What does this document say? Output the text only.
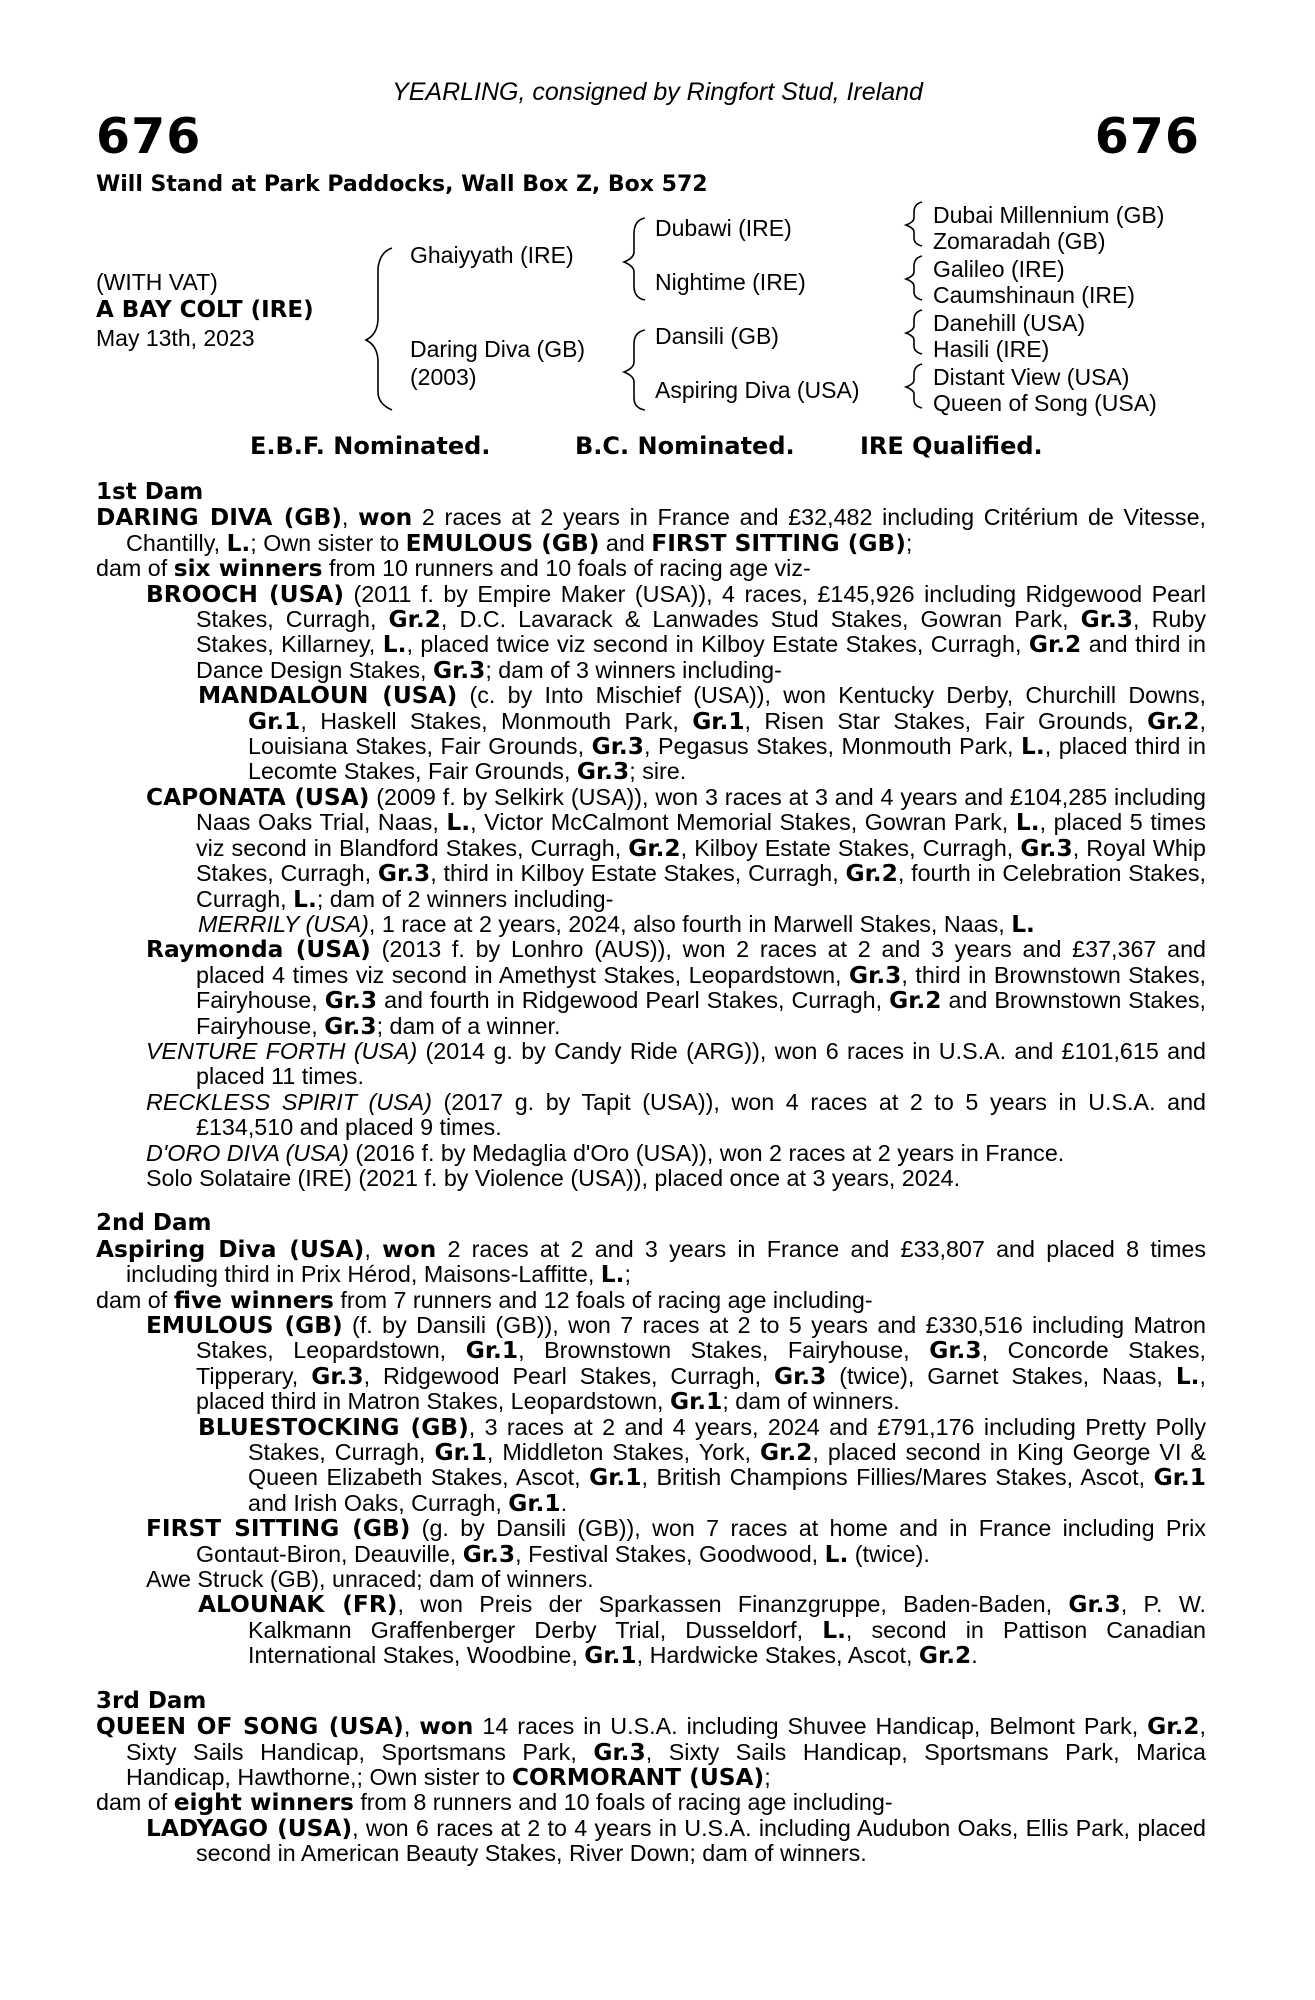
YEARLING, consigned by Ringfort Stud, Ireland
676	676
Will Stand at Park Paddocks, Wall Box Z, Box 572
(WITH VAT)
A BAY COLT (IRE)
May 13th, 2023
Ghaiyyath (IRE)
Daring Diva (GB)
(2003)
Dubawi (IRE)
Nightime (IRE)
Dansili (GB)
Aspiring Diva (USA)
Dubai Millennium (GB)
Zomaradah (GB)
Galileo (IRE)
Caumshinaun (IRE)
Danehill (USA)
Hasili (IRE)
Distant View (USA)
Queen of Song (USA)
E.B.F. Nominated.	B.C. Nominated.	IRE Qualified.
1st Dam
DARING DIVA (GB), won 2 races at 2 years in France and £32,482 including Critérium de Vitesse, Chantilly, L.; Own sister to EMULOUS (GB) and FIRST SITTING (GB);
dam of six winners from 10 runners and 10 foals of racing age viz-
BROOCH (USA) (2011 f. by Empire Maker (USA)), 4 races, £145,926 including Ridgewood Pearl Stakes, Curragh, Gr.2, D.C. Lavarack & Lanwades Stud Stakes, Gowran Park, Gr.3, Ruby Stakes, Killarney, L., placed twice viz second in Kilboy Estate Stakes, Curragh, Gr.2 and third in Dance Design Stakes, Gr.3; dam of 3 winners including-
MANDALOUN (USA) (c. by Into Mischief (USA)), won Kentucky Derby, Churchill Downs, Gr.1, Haskell Stakes, Monmouth Park, Gr.1, Risen Star Stakes, Fair Grounds, Gr.2, Louisiana Stakes, Fair Grounds, Gr.3, Pegasus Stakes, Monmouth Park, L., placed third in Lecomte Stakes, Fair Grounds, Gr.3; sire.
CAPONATA (USA) (2009 f. by Selkirk (USA)), won 3 races at 3 and 4 years and £104,285 including Naas Oaks Trial, Naas, L., Victor McCalmont Memorial Stakes, Gowran Park, L., placed 5 times viz second in Blandford Stakes, Curragh, Gr.2, Kilboy Estate Stakes, Curragh, Gr.3, Royal Whip Stakes, Curragh, Gr.3, third in Kilboy Estate Stakes, Curragh, Gr.2, fourth in Celebration Stakes, Curragh, L.; dam of 2 winners including-
MERRILY (USA), 1 race at 2 years, 2024, also fourth in Marwell Stakes, Naas, L.
Raymonda (USA) (2013 f. by Lonhro (AUS)), won 2 races at 2 and 3 years and £37,367 and placed 4 times viz second in Amethyst Stakes, Leopardstown, Gr.3, third in Brownstown Stakes, Fairyhouse, Gr.3 and fourth in Ridgewood Pearl Stakes, Curragh, Gr.2 and Brownstown Stakes, Fairyhouse, Gr.3; dam of a winner.
VENTURE FORTH (USA) (2014 g. by Candy Ride (ARG)), won 6 races in U.S.A. and £101,615 and placed 11 times.
RECKLESS SPIRIT (USA) (2017 g. by Tapit (USA)), won 4 races at 2 to 5 years in U.S.A. and £134,510 and placed 9 times.
D'ORO DIVA (USA) (2016 f. by Medaglia d'Oro (USA)), won 2 races at 2 years in France.
Solo Solataire (IRE) (2021 f. by Violence (USA)), placed once at 3 years, 2024.
2nd Dam
Aspiring Diva (USA), won 2 races at 2 and 3 years in France and £33,807 and placed 8 times including third in Prix Hérod, Maisons-Laffitte, L.;
dam of five winners from 7 runners and 12 foals of racing age including-
EMULOUS (GB) (f. by Dansili (GB)), won 7 races at 2 to 5 years and £330,516 including Matron Stakes, Leopardstown, Gr.1, Brownstown Stakes, Fairyhouse, Gr.3, Concorde Stakes, Tipperary, Gr.3, Ridgewood Pearl Stakes, Curragh, Gr.3 (twice), Garnet Stakes, Naas, L., placed third in Matron Stakes, Leopardstown, Gr.1; dam of winners.
BLUESTOCKING (GB), 3 races at 2 and 4 years, 2024 and £791,176 including Pretty Polly Stakes, Curragh, Gr.1, Middleton Stakes, York, Gr.2, placed second in King George VI & Queen Elizabeth Stakes, Ascot, Gr.1, British Champions Fillies/Mares Stakes, Ascot, Gr.1 and Irish Oaks, Curragh, Gr.1.
FIRST SITTING (GB) (g. by Dansili (GB)), won 7 races at home and in France including Prix Gontaut-Biron, Deauville, Gr.3, Festival Stakes, Goodwood, L. (twice).
Awe Struck (GB), unraced; dam of winners.
ALOUNAK (FR), won Preis der Sparkassen Finanzgruppe, Baden-Baden, Gr.3, P. W. Kalkmann Graffenberger Derby Trial, Dusseldorf, L., second in Pattison Canadian International Stakes, Woodbine, Gr.1, Hardwicke Stakes, Ascot, Gr.2.
3rd Dam
QUEEN OF SONG (USA), won 14 races in U.S.A. including Shuvee Handicap, Belmont Park, Gr.2, Sixty Sails Handicap, Sportsmans Park, Gr.3, Sixty Sails Handicap, Sportsmans Park, Marica Handicap, Hawthorne,; Own sister to CORMORANT (USA);
dam of eight winners from 8 runners and 10 foals of racing age including-
LADYAGO (USA), won 6 races at 2 to 4 years in U.S.A. including Audubon Oaks, Ellis Park, placed second in American Beauty Stakes, River Down; dam of winners.
